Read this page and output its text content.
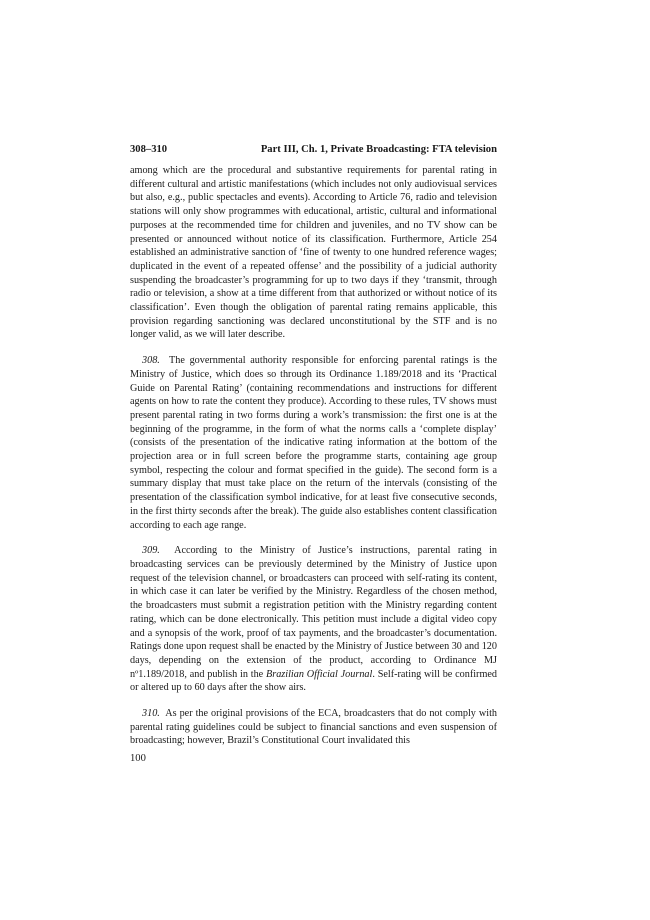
308–310	Part III, Ch. 1, Private Broadcasting: FTA television

among which are the procedural and substantive requirements for parental rating in different cultural and artistic manifestations (which includes not only audiovisual services but also, e.g., public spectacles and events). According to Article 76, radio and television stations will only show programmes with educational, artistic, cultural and informational purposes at the recommended time for children and juveniles, and no TV show can be presented or announced without notice of its classification. Furthermore, Article 254 established an administrative sanction of ‘fine of twenty to one hundred reference wages; duplicated in the event of a repeated offense’ and the possibility of a judicial authority suspending the broadcaster’s programming for up to two days if they ‘transmit, through radio or television, a show at a time different from that authorized or without notice of its classification’. Even though the obligation of parental rating remains applicable, this provision regarding sanctioning was declared unconstitutional by the STF and is no longer valid, as we will later describe.

308. The governmental authority responsible for enforcing parental ratings is the Ministry of Justice, which does so through its Ordinance 1.189/2018 and its ‘Practical Guide on Parental Rating’ (containing recommendations and instructions for different agents on how to rate the content they produce). According to these rules, TV shows must present parental rating in two forms during a work’s transmission: the first one is at the beginning of the programme, in the form of what the norms calls a ‘complete display’ (consists of the presentation of the indicative rating information at the bottom of the projection area or in full screen before the programme starts, containing age group symbol, respecting the colour and format specified in the guide). The second form is a summary display that must take place on the return of the intervals (consisting of the presentation of the classification symbol indicative, for at least five consecutive seconds, in the first thirty seconds after the break). The guide also establishes content classification according to each age range.

309. According to the Ministry of Justice’s instructions, parental rating in broadcasting services can be previously determined by the Ministry of Justice upon request of the television channel, or broadcasters can proceed with self-rating its content, in which case it can later be verified by the Ministry. Regardless of the chosen method, the broadcasters must submit a registration petition with the Ministry regarding content rating, which can be done electronically. This petition must include a digital video copy and a synopsis of the work, proof of tax payments, and the broadcaster’s documentation. Ratings done upon request shall be enacted by the Ministry of Justice between 30 and 120 days, depending on the extension of the product, according to Ordinance MJ nº1.189/2018, and publish in the Brazilian Official Journal. Self-rating will be confirmed or altered up to 60 days after the show airs.

310. As per the original provisions of the ECA, broadcasters that do not comply with parental rating guidelines could be subject to financial sanctions and even suspension of broadcasting; however, Brazil’s Constitutional Court invalidated this

100
